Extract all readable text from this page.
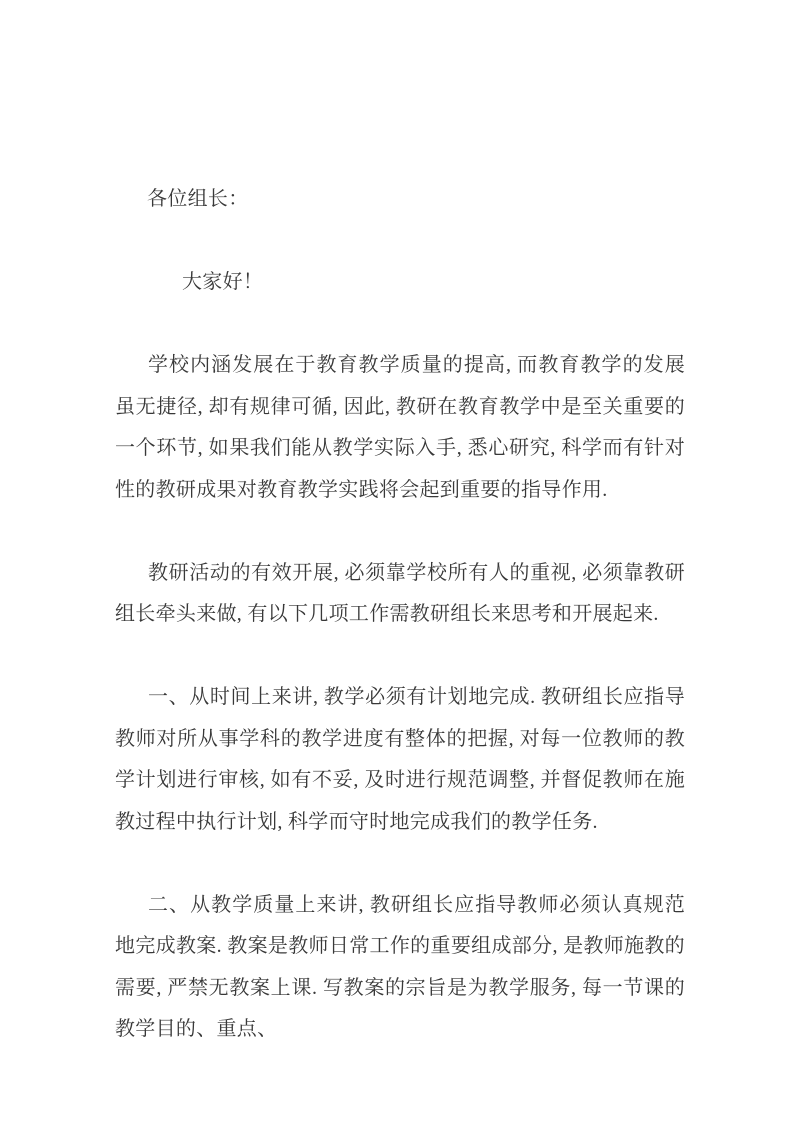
各位组长：

大家好！

学校内涵发展在于教育教学质量的提高, 而教育教学的发展虽无捷径, 却有规律可循, 因此, 教研在教育教学中是至关重要的一个环节, 如果我们能从教学实际入手, 悉心研究, 科学而有针对性的教研成果对教育教学实践将会起到重要的指导作用.

教研活动的有效开展, 必须靠学校所有人的重视, 必须靠教研组长牵头来做, 有以下几项工作需教研组长来思考和开展起来.

一、从时间上来讲, 教学必须有计划地完成. 教研组长应指导教师对所从事学科的教学进度有整体的把握, 对每一位教师的教学计划进行审核, 如有不妥, 及时进行规范调整, 并督促教师在施教过程中执行计划, 科学而守时地完成我们的教学任务.

二、从教学质量上来讲, 教研组长应指导教师必须认真规范地完成教案. 教案是教师日常工作的重要组成部分, 是教师施教的需要, 严禁无教案上课. 写教案的宗旨是为教学服务, 每一节课的教学目的、重点、
